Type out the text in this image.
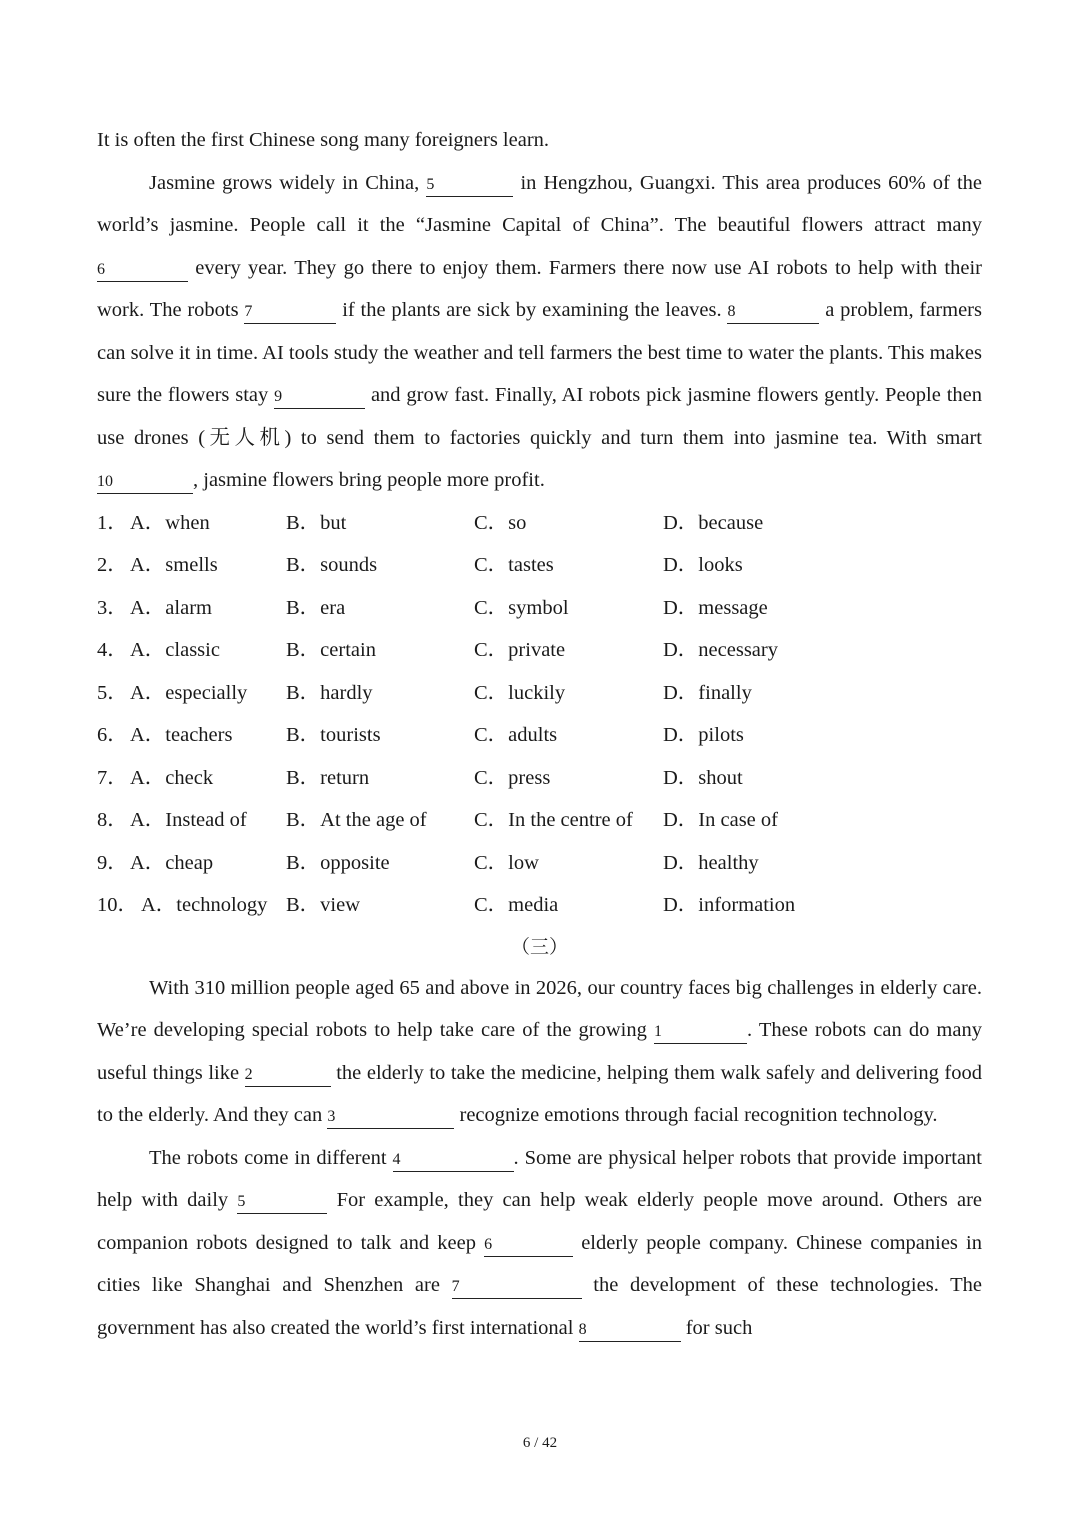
It is often the first Chinese song many foreigners learn.

Jasmine grows widely in China, 5	in Hengzhou, Guangxi. This area produces 60% of the world’s jasmine. People call it the “Jasmine Capital of China”. The beautiful flowers attract many 6	every year. They go there to enjoy them. Farmers there now use AI robots to help with their work. The robots 7	if the plants are sick by examining the leaves. 8	a problem, farmers can solve it in time. AI tools study the weather and tell farmers the best time to water the plants. This makes sure the flowers stay 9	and grow fast. Finally, AI robots pick jasmine flowers gently. People then use drones (无人机) to send them to factories quickly and turn them into jasmine tea. With smart 10	, jasmine flowers bring people more profit.

1． A．when	B．but	C．so	D．because
2． A．smells	B．sounds	C．tastes	D．looks
3． A．alarm	B．era	C．symbol	D．message
4． A．classic	B．certain	C．private	D．necessary
5． A．especially B．hardly	C．luckily	D．finally
6． A．teachers	B．tourists	C．adults	D．pilots
7． A．check	B．return	C．press	D．shout
8． A．Instead of B．At the age of C．In the centre of D．In case of
9． A．cheap	B．opposite	C．low	D．healthy
10． A．technology B．view	C．media	D．information

（三）

With 310 million people aged 65 and above in 2026, our country faces big challenges in elderly care. We’re developing special robots to help take care of the growing 1	. These robots can do many useful things like 2	the elderly to take the medicine, helping them walk safely and delivering food to the elderly. And they can 3	recognize emotions through facial recognition technology.

The robots come in different 4	. Some are physical helper robots that provide important help with daily 5	For example, they can help weak elderly people move around. Others are companion robots designed to talk and keep 6	elderly people company. Chinese companies in cities like Shanghai and Shenzhen are 7	the development of these technologies. The government has also created the world’s first international 8	for such

6 / 42
